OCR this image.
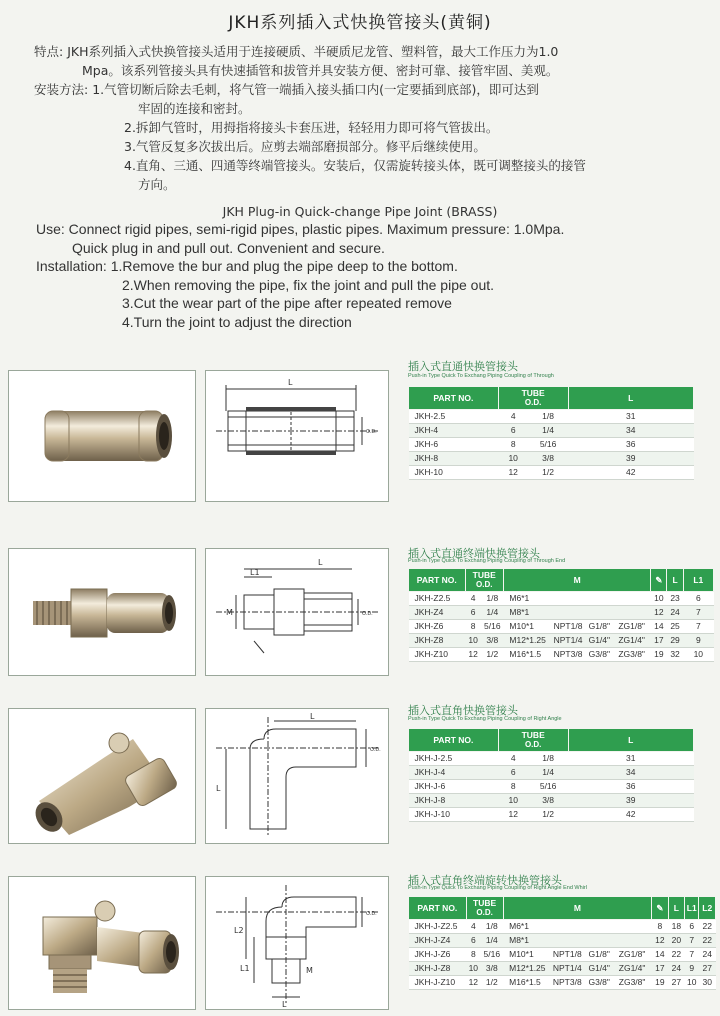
JKH系列插入式快换管接头(黄铜)
特点: JKH系列插入式快换管接头适用于连接硬质、半硬质尼龙管、塑料管，最大工作压力为1.0
Mpa。该系列管接头具有快速插管和拔管并具安装方便、密封可靠、接管牢固、美观。
安装方法: 1.气管切断后除去毛刺，将气管一端插入接头插口内(一定要插到底部)，即可达到
牢固的连接和密封。
2.拆卸气管时，用拇指将接头卡套压进，轻轻用力即可将气管拔出。
3.气管反复多次拔出后。应剪去端部磨损部分。修平后继续使用。
4.直角、三通、四通等终端管接头。安装后，仅需旋转接头体，既可调整接头的接管
方向。
JKH Plug-in Quick-change Pipe Joint (BRASS)
Use: Connect rigid pipes, semi-rigid pipes, plastic pipes. Maximum pressure: 1.0Mpa.
Quick plug in and pull out. Convenient and secure.
Installation: 1.Remove the bur and plug the pipe deep to the bottom.
2.When removing the pipe, fix the joint and pull the pipe out.
3.Cut the wear part of the pipe after repeated remove
4.Turn the joint to adjust the direction
L
O.D.
插入式直通快换管接头
Push-in Type Quick To Exchang Piping Coupling of Through
PART NO.	TUBE
O.D.		L
JKH-2.5	4	1/8	31
JKH-4	6	1/4	34
JKH-6	8	5/16	36
JKH-8	10	3/8	39
JKH-10	12	1/2	42
L
L1
M	O.D.
插入式直通终端快换管接头
Push-in Type Quick To Exchang Piping Coupling of Through End
PART NO.	TUBE
O.D.		M				✎	L	L1
JKH-Z2.5	4	1/8	M6*1				10	23	6
JKH-Z4	6	1/4	M8*1				12	24	7
JKH-Z6	8	5/16	M10*1	NPT1/8	G1/8"	ZG1/8"	14	25	7
JKH-Z8	10	3/8	M12*1.25	NPT1/4	G1/4"	ZG1/4"	17	29	9
JKH-Z10	12	1/2	M16*1.5	NPT3/8	G3/8"	ZG3/8"	19	32	10
L
L
O.D.
插入式直角快换管接头
Push-in Type Quick To Exchang Piping Coupling of Right Angle
PART NO.	TUBE
O.D.		L
JKH-J-2.5	4	1/8	31
JKH-J-4	6	1/4	34
JKH-J-6	8	5/16	36
JKH-J-8	10	3/8	39
JKH-J-10	12	1/2	42
L
L2
L1	M
O.D.
插入式直角终端旋转快换管接头
Push-in Type Quick To Exchang Piping Coupling of Right Angle End Whirl
PART NO.	TUBE
O.D.		M				✎	L	L1	L2
JKH-J-Z2.5	4	1/8	M6*1				8	18	6	22
JKH-J-Z4	6	1/4	M8*1				12	20	7	22
JKH-J-Z6	8	5/16	M10*1	NPT1/8	G1/8"	ZG1/8"	14	22	7	24
JKH-J-Z8	10	3/8	M12*1.25	NPT1/4	G1/4"	ZG1/4"	17	24	9	27
JKH-J-Z10	12	1/2	M16*1.5	NPT3/8	G3/8"	ZG3/8"	19	27	10	30
